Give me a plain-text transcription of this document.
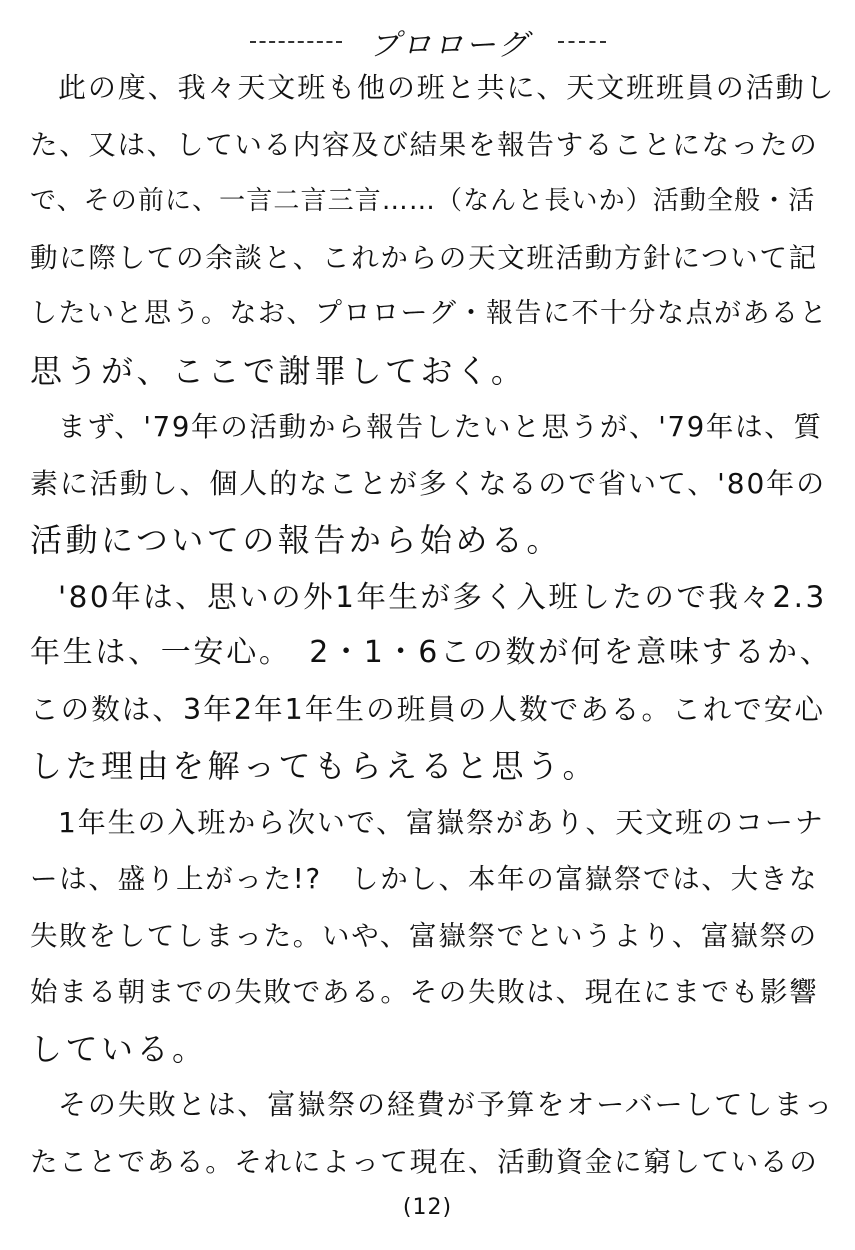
プロローグ
此の度、我々天文班も他の班と共に、天文班班員の活動し
た、又は、している内容及び結果を報告することになったの
で、その前に、一言二言三言……（なんと長いか）活動全般・活
動に際しての余談と、これからの天文班活動方針について記
したいと思う。なお、プロローグ・報告に不十分な点があると
思うが、ここで謝罪しておく。
まず、'79年の活動から報告したいと思うが、'79年は、質
素に活動し、個人的なことが多くなるので省いて、'80年の
活動についての報告から始める。
'80年は、思いの外1年生が多く入班したので我々2.3
年生は、一安心。　2・1・6この数が何を意味するか、
この数は、3年2年1年生の班員の人数である。これで安心
した理由を解ってもらえると思う。
1年生の入班から次いで、富嶽祭があり、天文班のコーナ
ーは、盛り上がった!?　しかし、本年の富嶽祭では、大きな
失敗をしてしまった。いや、富嶽祭でというより、富嶽祭の
始まる朝までの失敗である。その失敗は、現在にまでも影響
している。
その失敗とは、富嶽祭の経費が予算をオーバーしてしまっ
たことである。それによって現在、活動資金に窮しているの
(12)
